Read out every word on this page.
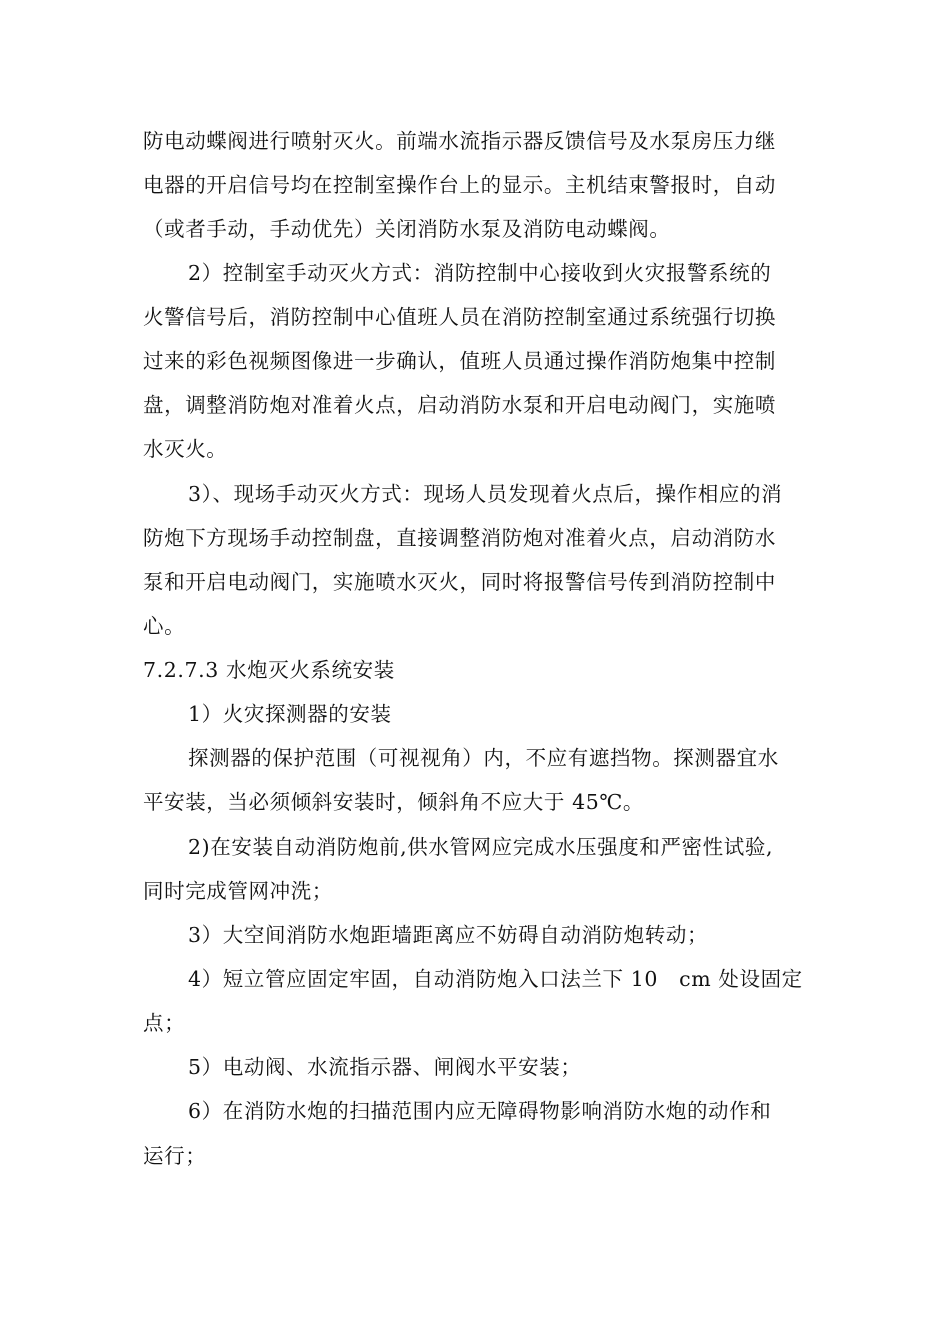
防电动蝶阀进行喷射灭火。前端水流指示器反馈信号及水泵房压力继
电器的开启信号均在控制室操作台上的显示。主机结束警报时，自动
（或者手动，手动优先）关闭消防水泵及消防电动蝶阀。
2）控制室手动灭火方式：消防控制中心接收到火灾报警系统的
火警信号后，消防控制中心值班人员在消防控制室通过系统强行切换
过来的彩色视频图像进一步确认，值班人员通过操作消防炮集中控制
盘，调整消防炮对准着火点，启动消防水泵和开启电动阀门，实施喷
水灭火。
3）、现场手动灭火方式：现场人员发现着火点后，操作相应的消
防炮下方现场手动控制盘，直接调整消防炮对准着火点，启动消防水
泵和开启电动阀门，实施喷水灭火，同时将报警信号传到消防控制中
心。
7.2.7.3 水炮灭火系统安装
1）火灾探测器的安装
探测器的保护范围（可视视角）内，不应有遮挡物。探测器宜水
平安装，当必须倾斜安装时，倾斜角不应大于 45℃。
2)在安装自动消防炮前,供水管网应完成水压强度和严密性试验,
同时完成管网冲洗；
3）大空间消防水炮距墙距离应不妨碍自动消防炮转动；
4）短立管应固定牢固，自动消防炮入口法兰下 10　cm 处设固定
点；
5）电动阀、水流指示器、闸阀水平安装；
6）在消防水炮的扫描范围内应无障碍物影响消防水炮的动作和
运行；
